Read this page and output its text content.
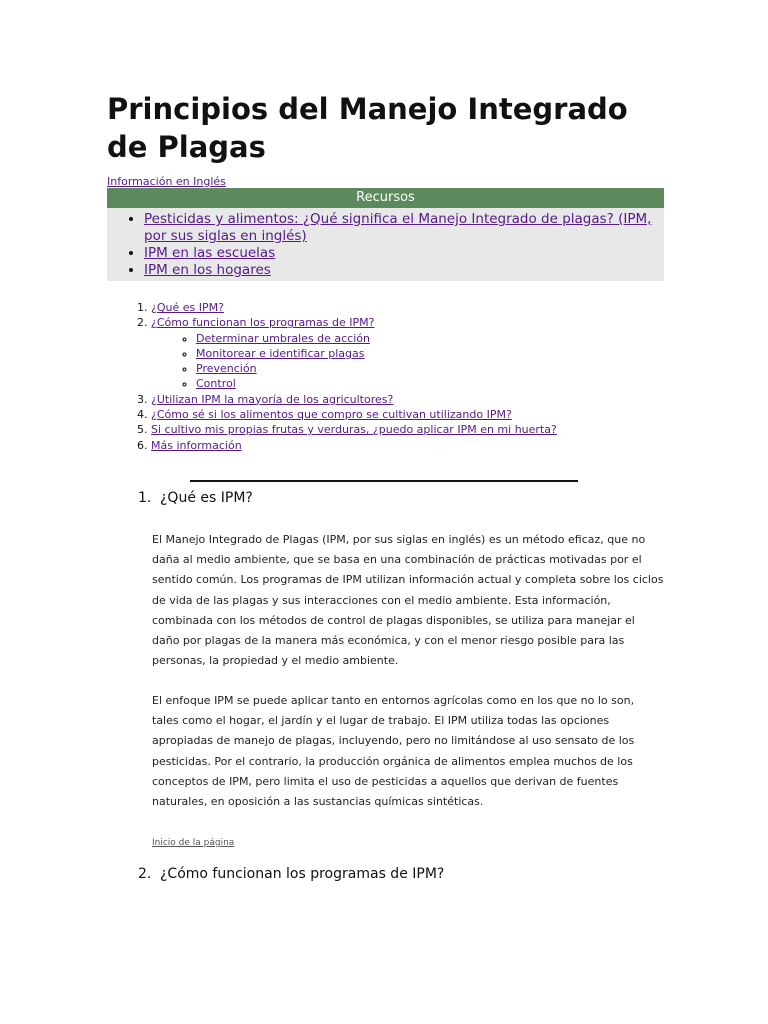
Principios del Manejo Integrado de Plagas
Información en Inglés
Recursos
• Pesticidas y alimentos: ¿Qué significa el Manejo Integrado de plagas? (IPM, por sus siglas en inglés)
• IPM en las escuelas
• IPM en los hogares
1. ¿Qué es IPM?
2. ¿Cómo funcionan los programas de IPM?
◦ Determinar umbrales de acción
◦ Monitorear e identificar plagas
◦ Prevención
◦ Control
3. ¿Utilizan IPM la mayoría de los agricultores?
4. ¿Cómo sé si los alimentos que compro se cultivan utilizando IPM?
5. Si cultivo mis propias frutas y verduras, ¿puedo aplicar IPM en mi huerta?
6. Más información
1. ¿Qué es IPM?

El Manejo Integrado de Plagas (IPM, por sus siglas en inglés) es un método eficaz, que no daña al medio ambiente, que se basa en una combinación de prácticas motivadas por el sentido común. Los programas de IPM utilizan información actual y completa sobre los ciclos de vida de las plagas y sus interacciones con el medio ambiente. Esta información, combinada con los métodos de control de plagas disponibles, se utiliza para manejar el daño por plagas de la manera más económica, y con el menor riesgo posible para las personas, la propiedad y el medio ambiente.

El enfoque IPM se puede aplicar tanto en entornos agrícolas como en los que no lo son, tales como el hogar, el jardín y el lugar de trabajo. El IPM utiliza todas las opciones apropiadas de manejo de plagas, incluyendo, pero no limitándose al uso sensato de los pesticidas. Por el contrario, la producción orgánica de alimentos emplea muchos de los conceptos de IPM, pero limita el uso de pesticidas a aquellos que derivan de fuentes naturales, en oposición a las sustancias químicas sintéticas.

Inicio de la página
2. ¿Cómo funcionan los programas de IPM?
